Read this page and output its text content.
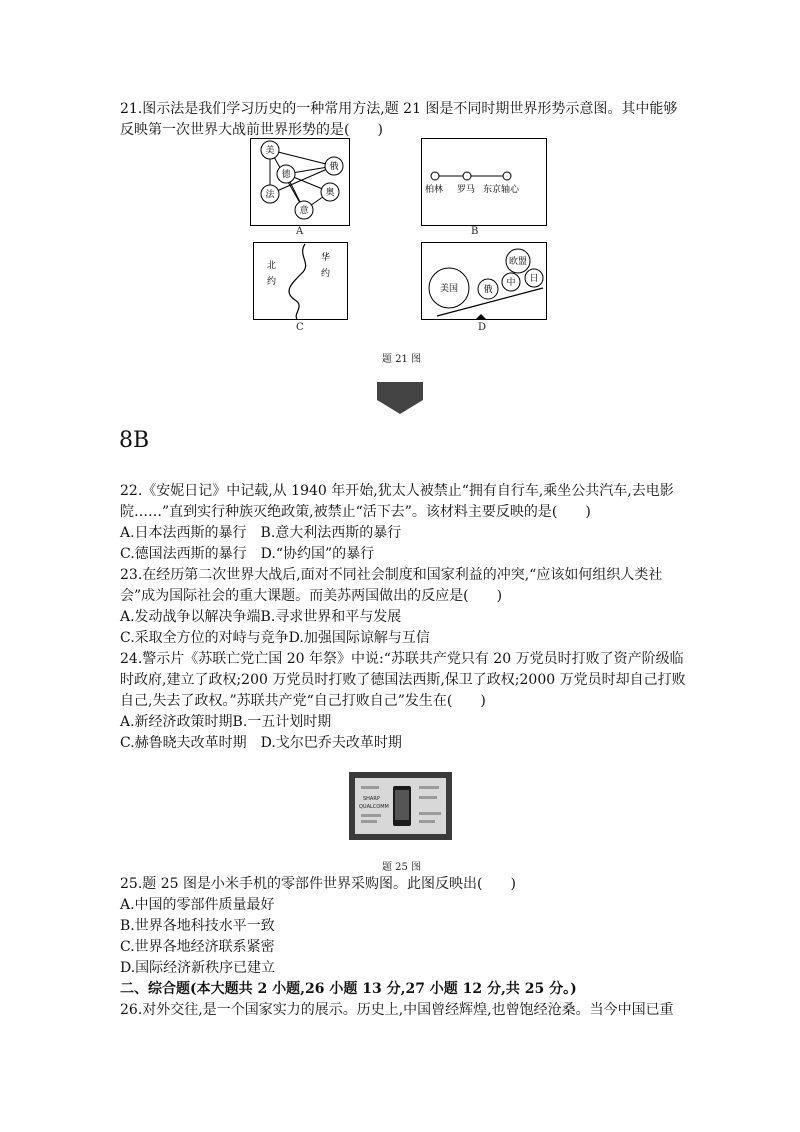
21.图示法是我们学习历史的一种常用方法,题 21 图是不同时期世界形势示意图。其中能够
反映第一次世界大战前世界形势的是(　　)
美
俄
德
法	奥
意
A
柏林 罗马 东京轴心
B
北
约
华
约
C
美国	俄
中
欧盟
日
D
题 21 图
8B
22.《安妮日记》中记载,从 1940 年开始,犹太人被禁止“拥有自行车,乘坐公共汽车,去电影
院……”直到实行种族灭绝政策,被禁止“活下去”。该材料主要反映的是(　　)
A.日本法西斯的暴行　B.意大利法西斯的暴行
C.德国法西斯的暴行　D.“协约国”的暴行
23.在经历第二次世界大战后,面对不同社会制度和国家利益的冲突,“应该如何组织人类社
会”成为国际社会的重大课题。而美苏两国做出的反应是(　　)
A.发动战争以解决争端B.寻求世界和平与发展
C.采取全方位的对峙与竞争D.加强国际谅解与互信
24.警示片《苏联亡党亡国 20 年祭》中说:“苏联共产党只有 20 万党员时打败了资产阶级临
时政府,建立了政权;200 万党员时打败了德国法西斯,保卫了政权;2000 万党员时却自己打败
自己,失去了政权。”苏联共产党“自己打败自己”发生在(　　)
A.新经济政策时期B.一五计划时期
C.赫鲁晓夫改革时期　D.戈尔巴乔夫改革时期
SHARP
QUALCOMM
题 25 图
25.题 25 图是小米手机的零部件世界采购图。此图反映出(　　)
A.中国的零部件质量最好
B.世界各地科技水平一致
C.世界各地经济联系紧密
D.国际经济新秩序已建立
二、综合题(本大题共 2 小题,26 小题 13 分,27 小题 12 分,共 25 分。)
26.对外交往,是一个国家实力的展示。历史上,中国曾经辉煌,也曾饱经沧桑。当今中国已重
